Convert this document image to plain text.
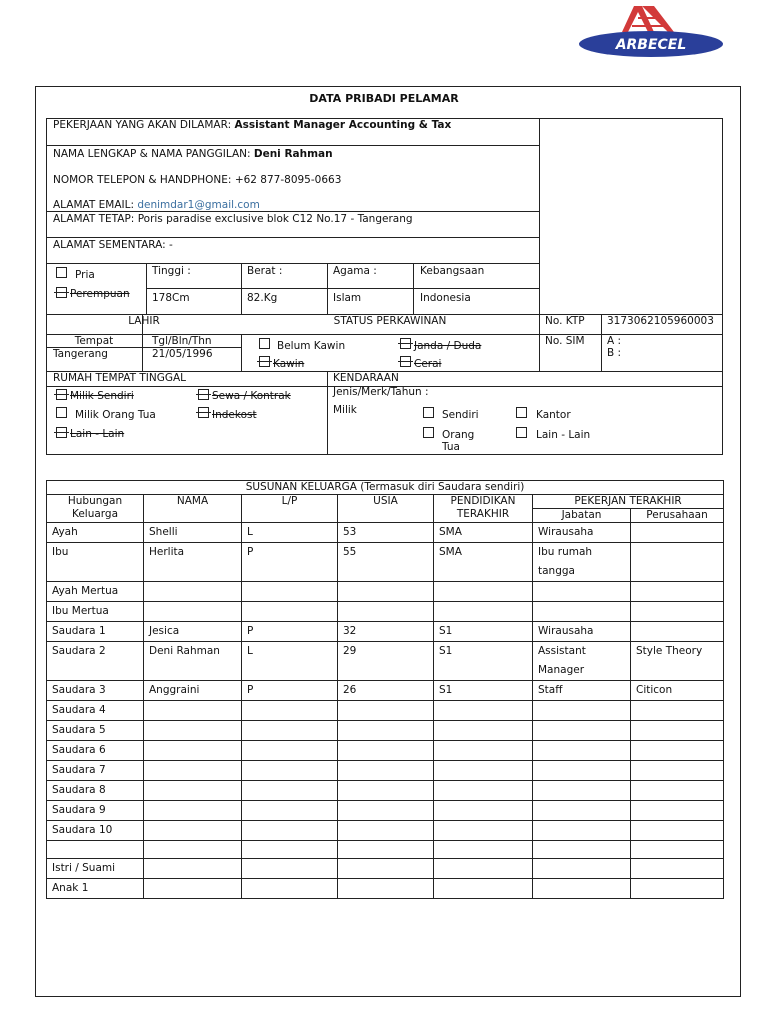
ARBECEL
DATA PRIBADI PELAMAR
PEKERJAAN YANG AKAN DILAMAR: Assistant Manager Accounting & Tax
NAMA LENGKAP & NAMA PANGGILAN: Deni Rahman
NOMOR TELEPON & HANDPHONE: +62 877-8095-0663
ALAMAT EMAIL: denimdar1@gmail.com
ALAMAT TETAP: Poris paradise exclusive blok C12 No.17 - Tangerang
ALAMAT SEMENTARA: -
Pria
Perempuan
Tinggi :
178Cm
Berat :
82.Kg
Agama :
Islam
Kebangsaan
Indonesia
LAHIR
Tempat
Tangerang
Tgl/Bln/Thn
21/05/1996
STATUS PERKAWINAN
Belum Kawin	Janda / Duda
Kawin	Cerai
No. KTP 3173062105960003
No. SIM A :
B :
RUMAH TEMPAT TINGGAL
Milik Sendiri	Sewa / Kontrak
Milik Orang Tua	Indekost
Lain - Lain
KENDARAAN
Jenis/Merk/Tahun :
Milik	Sendiri	Kantor
Orang
Tua
Lain - Lain
SUSUNAN KELUARGA (Termasuk diri Saudara sendiri)						
Hubungan Keluarga	NAMA	L/P	USIA	PENDIDIKAN TERAKHIR	PEKERJAN TERAKHIR	
					Jabatan	Perusahaan
Ayah	Shelli	L	53	SMA	Wirausaha	
Ibu	Herlita	P	55	SMA	Ibu rumah tangga	
Ayah Mertua						
Ibu Mertua						
Saudara 1	Jesica	P	32	S1	Wirausaha	
Saudara 2	Deni Rahman	L	29	S1	Assistant Manager	Style Theory
Saudara 3	Anggraini	P	26	S1	Staff	Citicon
Saudara 4						
Saudara 5						
Saudara 6						
Saudara 7						
Saudara 8						
Saudara 9						
Saudara 10						

Istri / Suami						
Anak 1						
